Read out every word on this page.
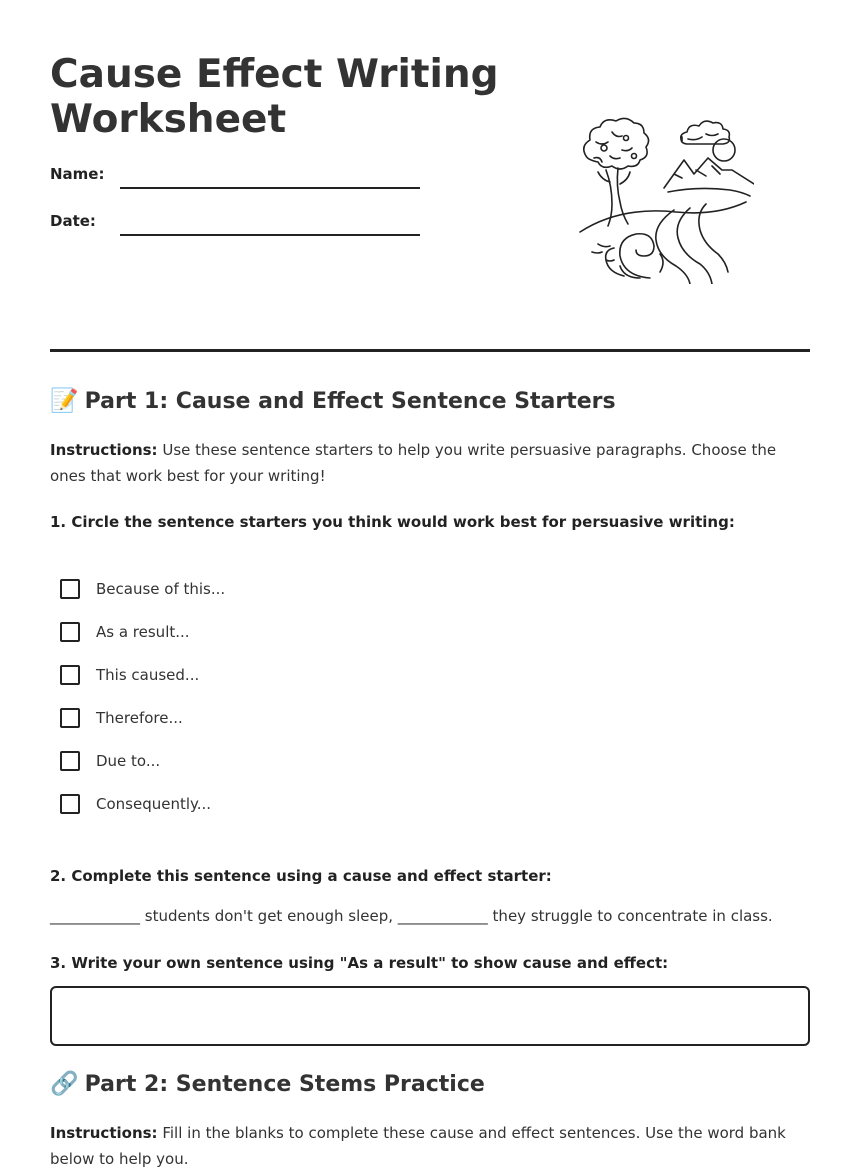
Cause Effect Writing Worksheet
Name:
Date:
📝 Part 1: Cause and Effect Sentence Starters

Instructions: Use these sentence starters to help you write persuasive paragraphs. Choose the ones that work best for your writing!

1. Circle the sentence starters you think would work best for persuasive writing:

Because of this...
As a result...
This caused...
Therefore...
Due to...
Consequently...

2. Complete this sentence using a cause and effect starter:

____________ students don't get enough sleep, ____________ they struggle to concentrate in class.

3. Write your own sentence using "As a result" to show cause and effect:

🔗 Part 2: Sentence Stems Practice

Instructions: Fill in the blanks to complete these cause and effect sentences. Use the word bank below to help you.
